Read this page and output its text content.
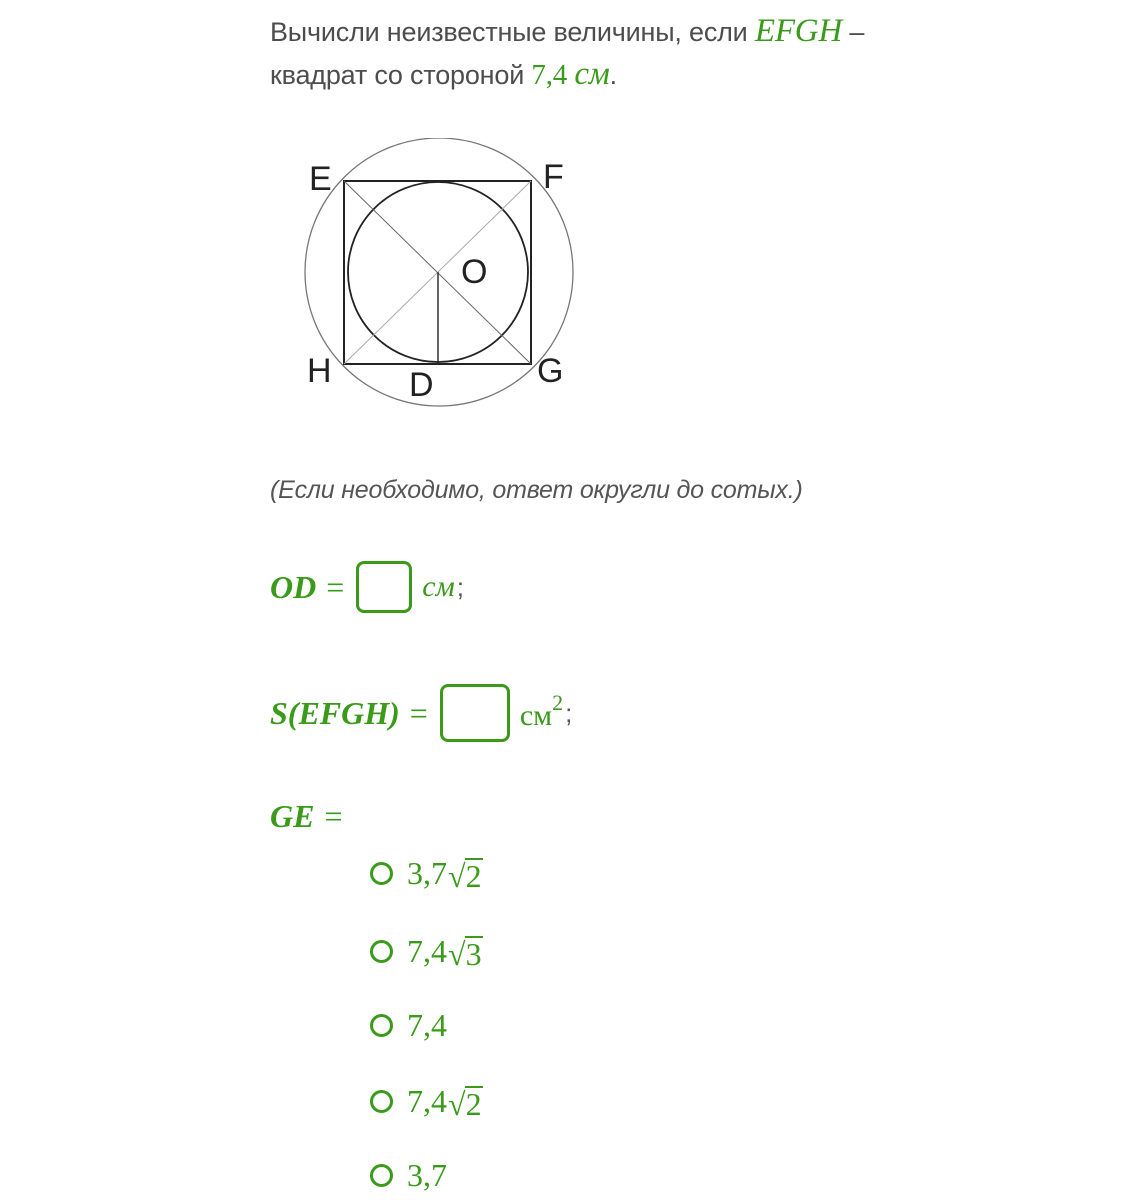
Вычисли неизвестные величины, если EFGH –
квадрат со стороной 7,4 см.
E	F
H	G
O
D
(Если необходимо, ответ округли до сотых.)
OD =	см ;
S(EFGH) =	$см^2$ ;
GE =
3,7 √ 2
7,4 √ 3
7,4
7,4 √ 2
3,7
